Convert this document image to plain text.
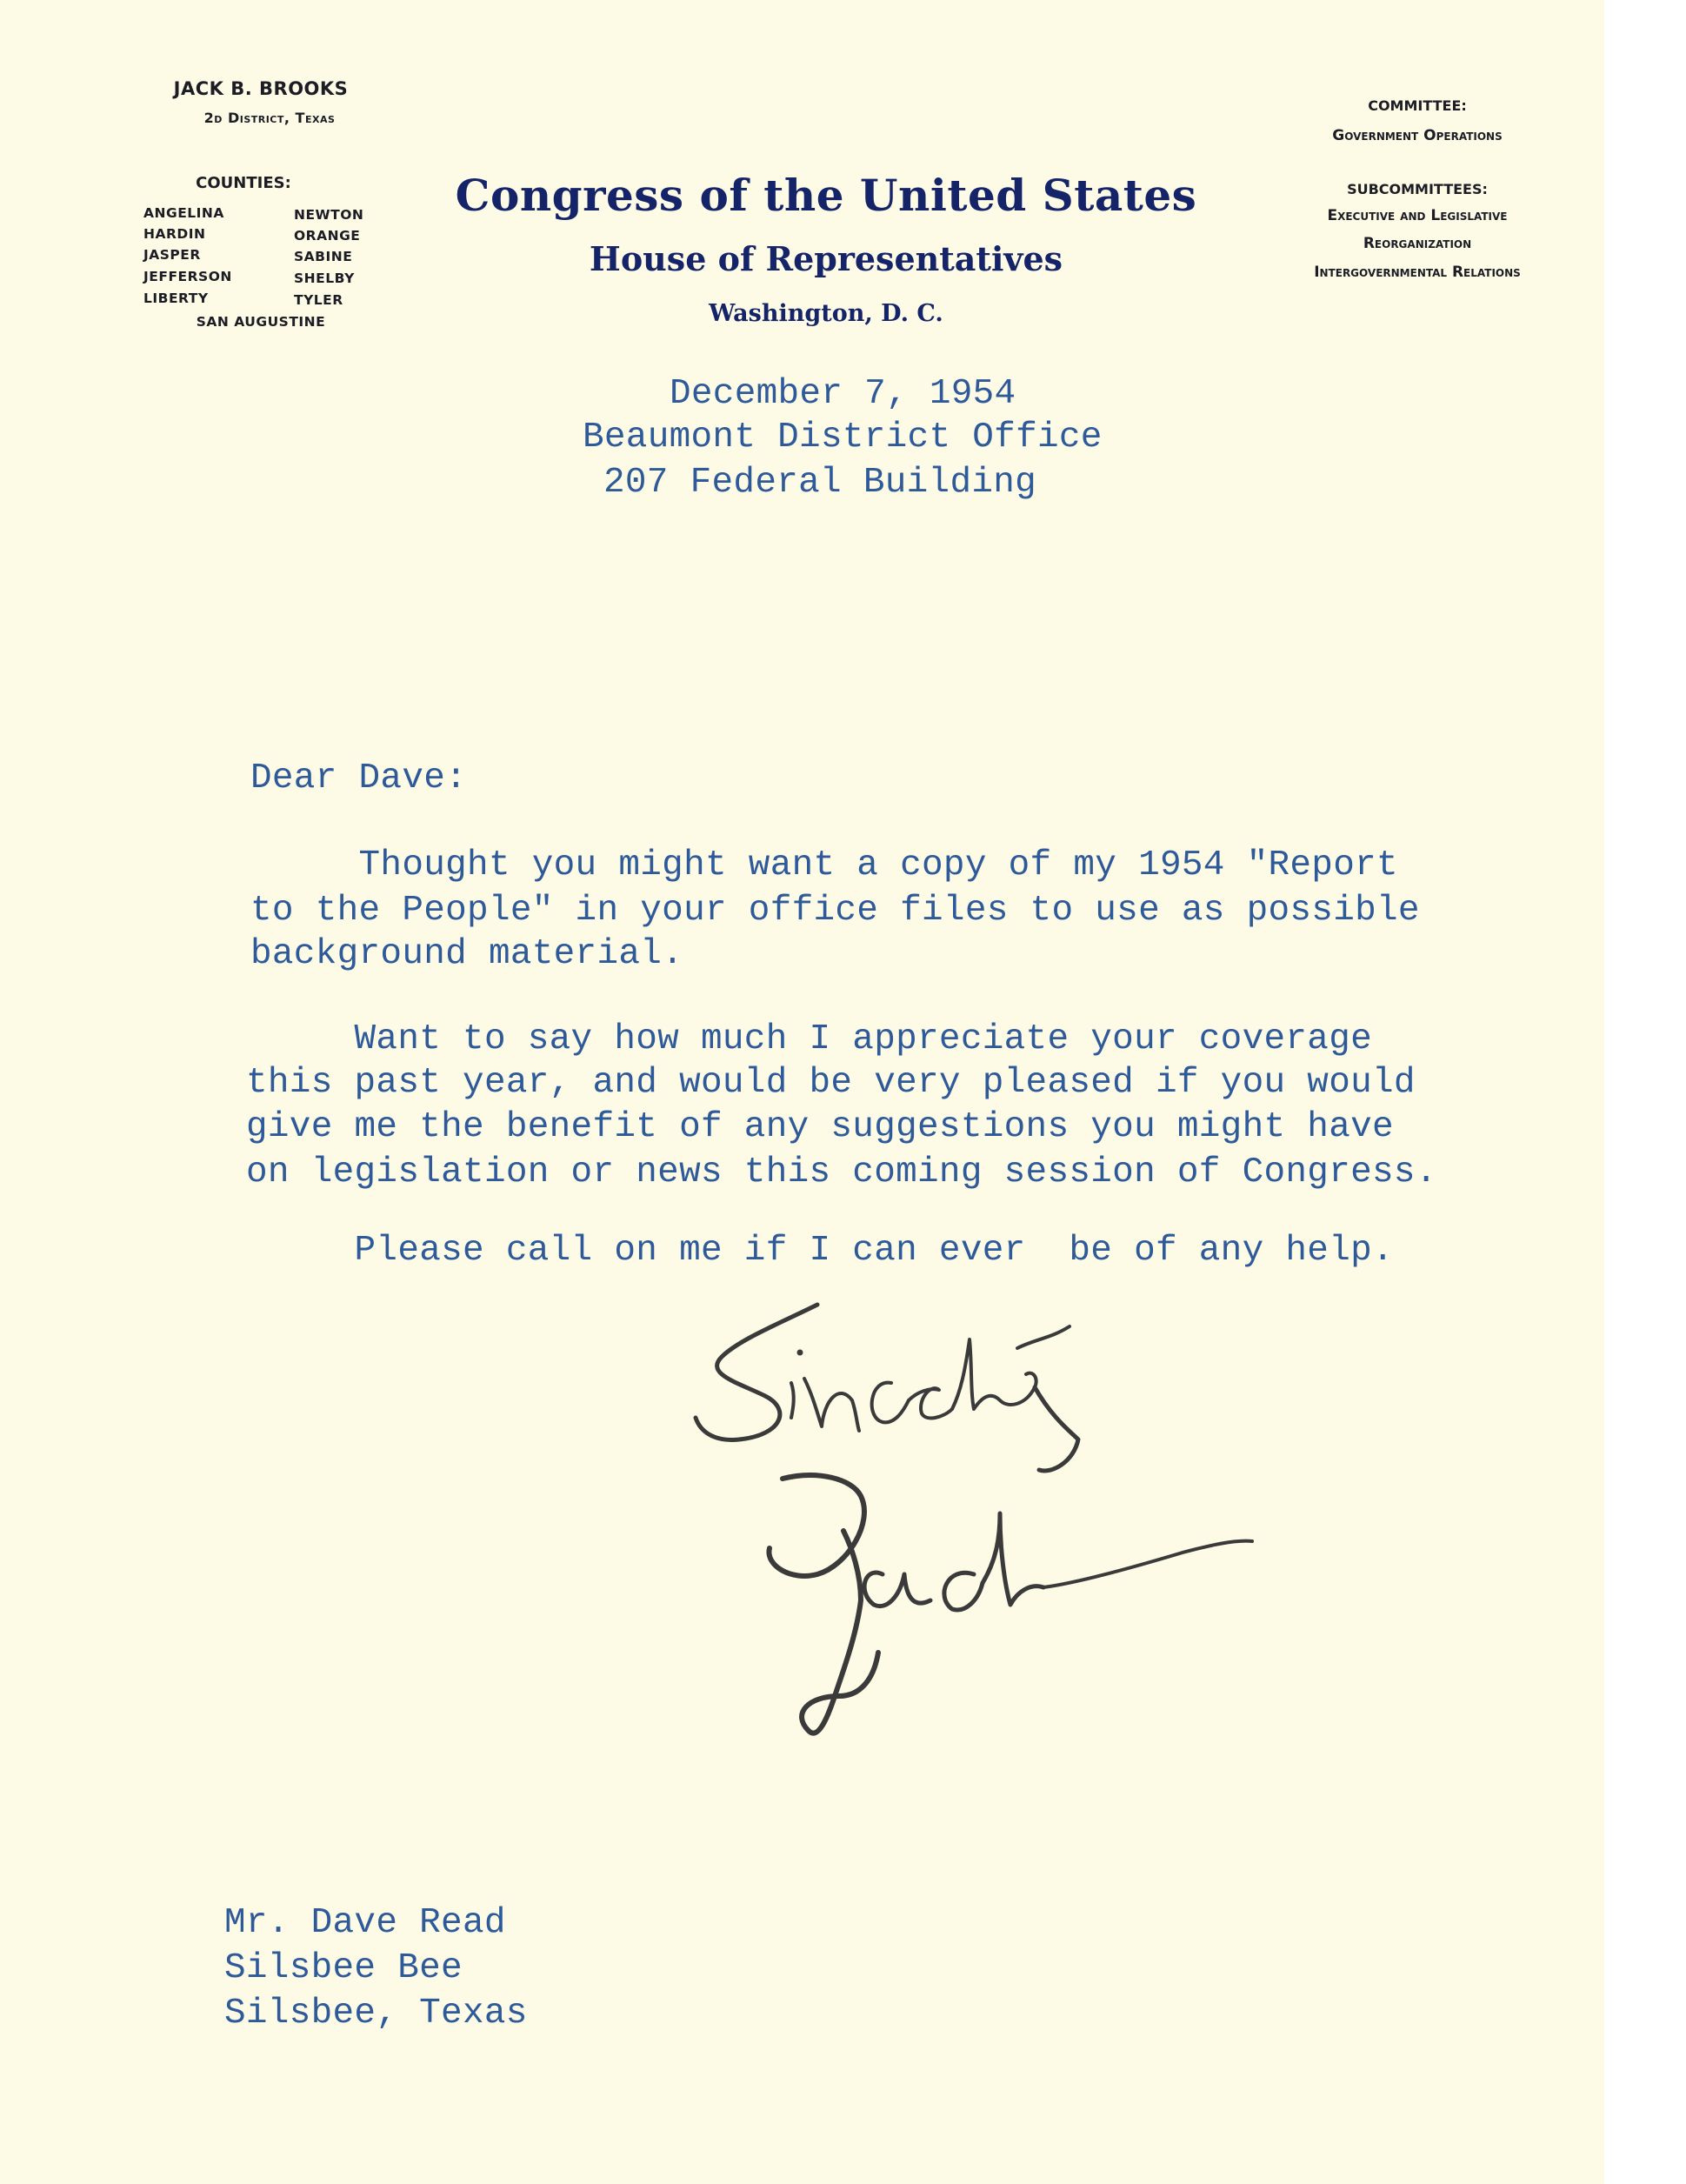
JACK B. BROOKS
2d District, Texas
COUNTIES:
ANGELINA
HARDIN
JASPER
JEFFERSON
LIBERTY
NEWTON
ORANGE
SABINE
SHELBY
TYLER
SAN AUGUSTINE
Congress of the United States
House of Representatives
Washington, D. C.
COMMITTEE:
Government Operations
SUBCOMMITTEES:
Executive and Legislative
Reorganization
Intergovernmental Relations
December 7, 1954
Beaumont District Office
207 Federal Building
Dear Dave:
Thought you might want a copy of my 1954 "Report
to the People" in your office files to use as possible
background material.
Want to say how much I appreciate your coverage
this past year, and would be very pleased if you would
give me the benefit of any suggestions you might have
on legislation or news this coming session of Congress.
Please call on me if I can ever  be of any help.
Mr. Dave Read
Silsbee Bee
Silsbee, Texas
